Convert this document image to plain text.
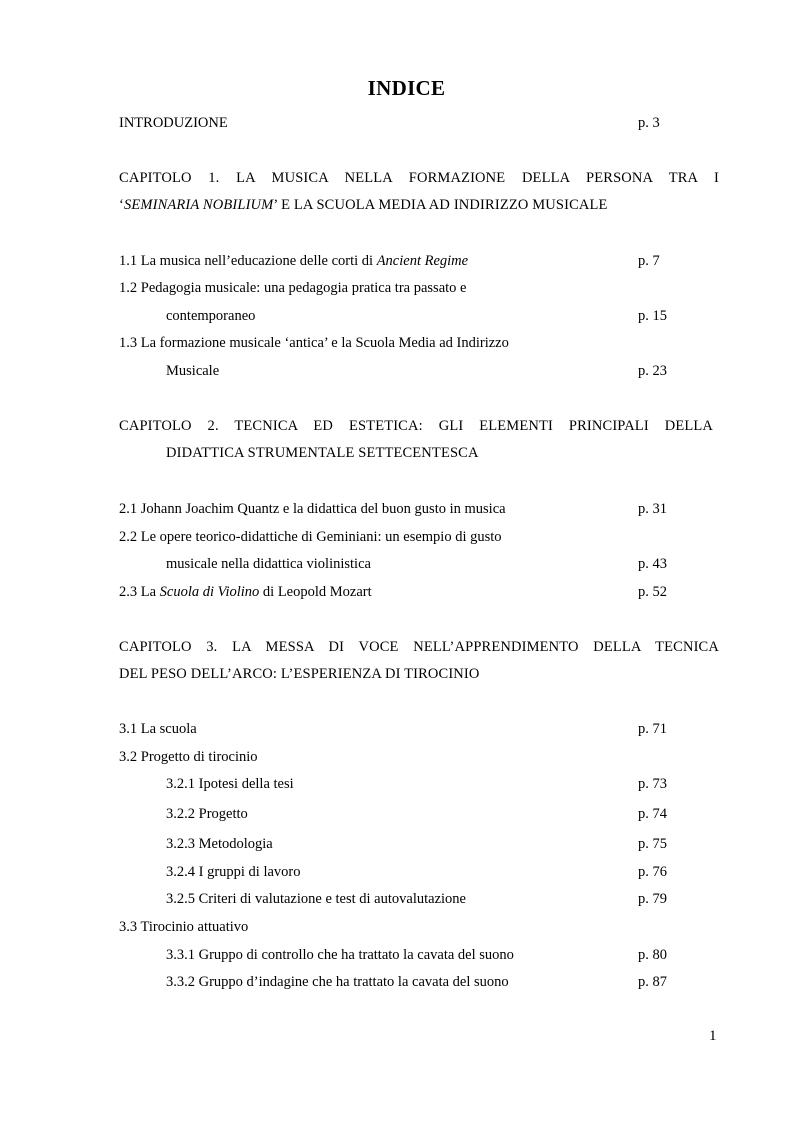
INDICE
INTRODUZIONE	p. 3
CAPITOLO 1. LA MUSICA NELLA FORMAZIONE DELLA PERSONA TRA I
‘SEMINARIA NOBILIUM’ E LA SCUOLA MEDIA AD INDIRIZZO MUSICALE
1.1 La musica nell’educazione delle corti di Ancient Regime	p. 7
1.2 Pedagogia musicale: una pedagogia pratica tra passato e
contemporaneo	p. 15
1.3 La formazione musicale ‘antica’ e la Scuola Media ad Indirizzo
Musicale	p. 23
CAPITOLO 2. TECNICA ED ESTETICA: GLI ELEMENTI PRINCIPALI DELLA
DIDATTICA STRUMENTALE SETTECENTESCA
2.1 Johann Joachim Quantz e la didattica del buon gusto in musica	p. 31
2.2 Le opere teorico-didattiche di Geminiani: un esempio di gusto
musicale nella didattica violinistica	p. 43
2.3 La Scuola di Violino di Leopold Mozart	p. 52
CAPITOLO 3. LA MESSA DI VOCE NELL’APPRENDIMENTO DELLA TECNICA
DEL PESO DELL’ARCO: L’ESPERIENZA DI TIROCINIO
3.1 La scuola	p. 71
3.2 Progetto di tirocinio
3.2.1 Ipotesi della tesi	p. 73
3.2.2 Progetto	p. 74
3.2.3 Metodologia	p. 75
3.2.4 I gruppi di lavoro	p. 76
3.2.5 Criteri di valutazione e test di autovalutazione	p. 79
3.3 Tirocinio attuativo
3.3.1 Gruppo di controllo che ha trattato la cavata del suono	p. 80
3.3.2 Gruppo d’indagine che ha trattato la cavata del suono	p. 87
1
